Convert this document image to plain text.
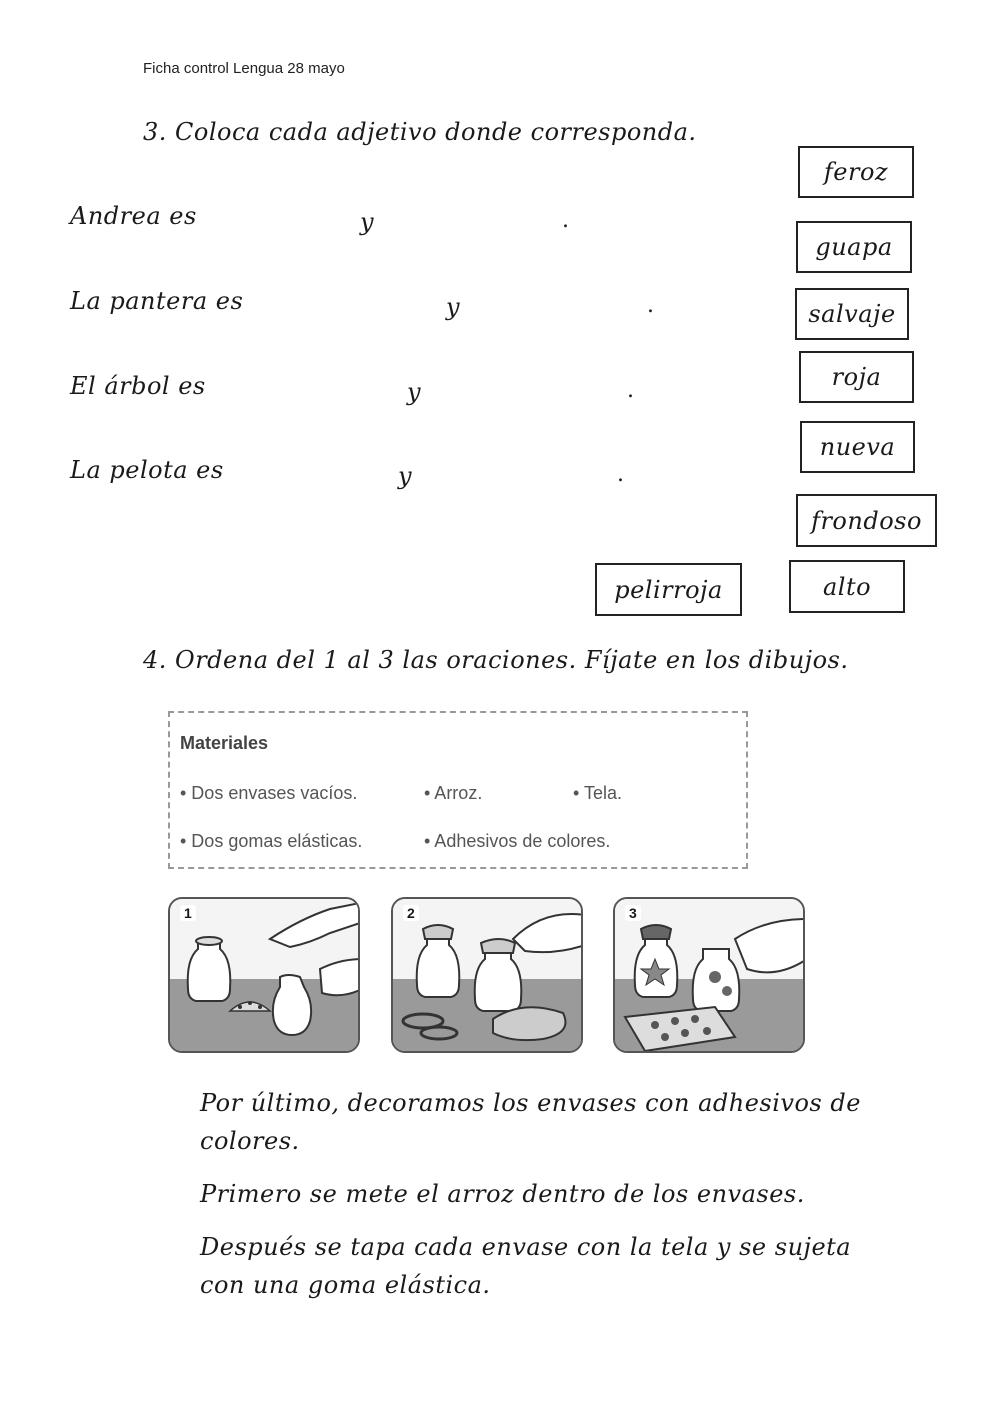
Ficha control Lengua 28 mayo
3. Coloca cada adjetivo donde corresponda.
Andrea es	y	.
La pantera es	y	.
El árbol es	y	.
La pelota es	y	.
feroz
guapa
salvaje
roja
nueva
frondoso
pelirroja	alto
4. Ordena del 1 al 3 las oraciones. Fíjate en los dibujos.
Materiales
• Dos envases vacíos.	• Arroz.	• Tela.
• Dos gomas elásticas.	• Adhesivos de colores.
1	2	3
Por último, decoramos los envases con adhesivos de colores.
Primero se mete el arroz dentro de los envases.
Después se tapa cada envase con la tela y se sujeta con una goma elástica.
